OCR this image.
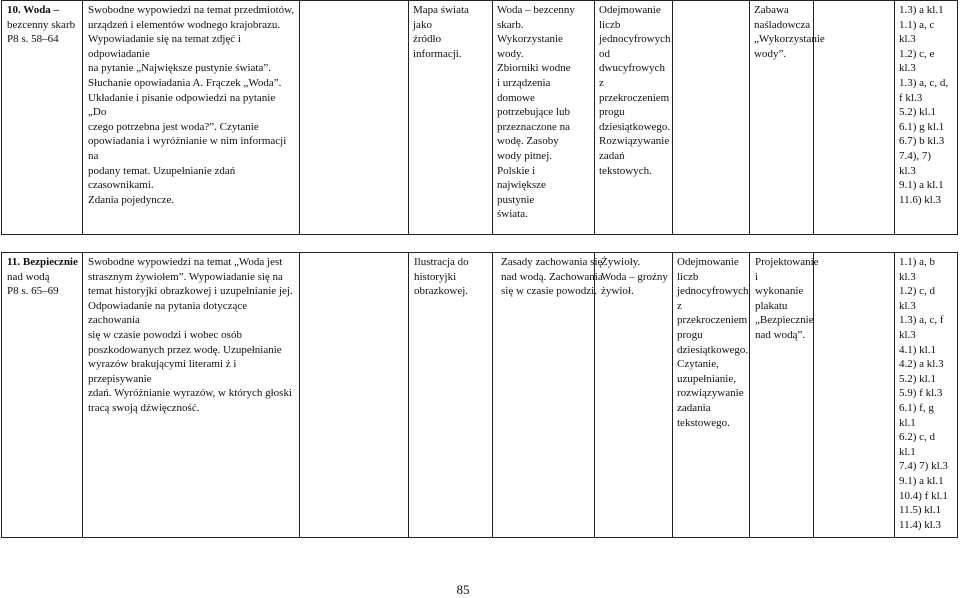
10. Woda –
bezcenny skarb
P8 s. 58–64
Swobodne wypowiedzi na temat przedmiotów,
urządzeń i elementów wodnego krajobrazu.
Wypowiadanie się na temat zdjęć i odpowiadanie
na pytanie „Największe pustynie świata”.
Słuchanie opowiadania A. Frączek „Woda”.
Układanie i pisanie odpowiedzi na pytanie „Do
czego potrzebna jest woda?”. Czytanie
opowiadania i wyróżnianie w nim informacji na
podany temat. Uzupełnianie zdań czasownikami.
Zdania pojedyncze.
Mapa świata jako
źródło informacji.
Woda – bezcenny
skarb.
Wykorzystanie
wody.
Zbiorniki wodne
i urządzenia
domowe
potrzebujące lub
przeznaczone na
wodę. Zasoby
wody pitnej.
Polskie i
największe
pustynie
świata.
Odejmowanie
liczb
jednocyfrowych
od
dwucyfrowych z
przekroczeniem
progu
dziesiątkowego.
Rozwiązywanie
zadań
tekstowych.
Zabawa
naśladowcza
„Wykorzystanie
wody”.
1.3) a kl.1
1.1) a, c
kl.3
1.2) c, e
kl.3
1.3) a, c, d,
f kl.3
5.2) kl.1
6.1) g kl.1
6.7) b kl.3
7.4), 7)
kl.3
9.1) a kl.1
11.6) kl.3
11. Bezpiecznie
nad wodą
P8 s. 65–69
Swobodne wypowiedzi na temat „Woda jest
strasznym żywiołem”. Wypowiadanie się na
temat historyjki obrazkowej i uzupełnianie jej.
Odpowiadanie na pytania dotyczące zachowania
się w czasie powodzi i wobec osób
poszkodowanych przez wodę. Uzupełnianie
wyrazów brakującymi literami ż i przepisywanie
zdań. Wyróżnianie wyrazów, w których głoski
tracą swoją dźwięczność.
Ilustracja do
historyjki
obrazkowej.
Zasady zachowania się
nad wodą. Zachowania
się w czasie powodzi.
Żywioły.
Woda – groźny
żywioł.
Odejmowanie
liczb
jednocyfrowych
z
przekroczeniem
progu
dziesiątkowego.
Czytanie,
uzupełnianie,
rozwiązywanie
zadania
tekstowego.
Projektowanie
i wykonanie
plakatu
„Bezpiecznie
nad wodą”.
1.1) a, b
kl.3
1.2) c, d
kl.3
1.3) a, c, f
kl.3
4.1) kl.1
4.2) a kl.3
5.2) kl.1
5.9) f kl.3
6.1) f, g
kl.1
6.2) c, d
kl.1
7.4) 7) kl.3
9.1) a kl.1
10.4) f kl.1
11.5) kl.1
11.4) kl.3
85
